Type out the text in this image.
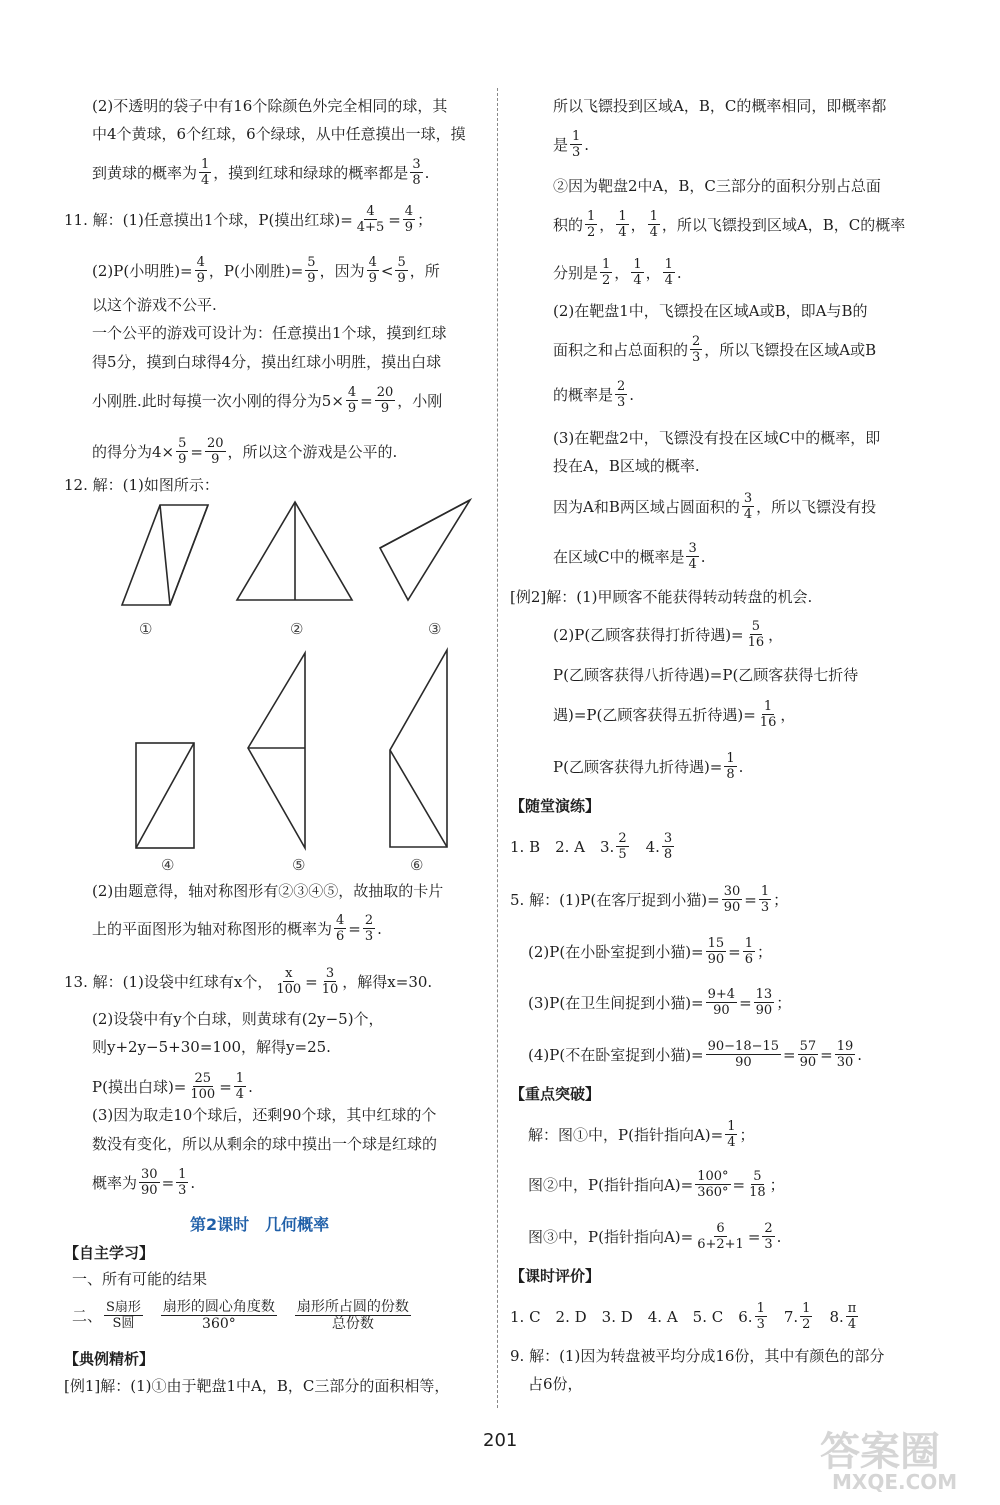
(2)不透明的袋子中有16个除颜色外完全相同的球，其
中4个黄球，6个红球，6个绿球，从中任意摸出一球，摸
到黄球的概率为 $\frac{1}{4}$ ，摸到红球和绿球的概率都是 $\frac{3}{8}$ .
11. 解：(1)任意摸出1个球，P(摸出红球)= $\frac{4}{4+5} = \frac{4}{9}$ ；
(2)P(小明胜)= $\frac{4}{9}$ ，P(小刚胜)= $\frac{5}{9}$ ，因为 $\frac{4}{9} < \frac{5}{9}$ ，所
以这个游戏不公平.
一个公平的游戏可设计为：任意摸出1个球，摸到红球
得5分，摸到白球得4分，摸出红球小明胜，摸出白球
小刚胜.此时每摸一次小刚的得分为$5\times \frac{4}{9} = \frac{20}{9}$ ，小刚
的得分为$4\times \frac{5}{9} = \frac{20}{9}$ ，所以这个游戏是公平的.
12. 解：(1)如图所示：
①	②	③
④	⑤	⑥
(2)由题意得，轴对称图形有②③④⑤，故抽取的卡片
上的平面图形为轴对称图形的概率为 $\frac{4}{6} = \frac{2}{3}$ .
13. 解：(1)设袋中红球有x个， $\frac{x}{100} = \frac{3}{10}$ ，解得x=30.
(2)设袋中有y个白球，则黄球有(2y−5)个，
则y+2y−5+30=100，解得y=25.
P(摸出白球)= $\frac{25}{100} = \frac{1}{4}$ .
(3)因为取走10个球后，还剩90个球，其中红球的个
数没有变化，所以从剩余的球中摸出一个球是红球的
概率为 $\frac{30}{90} = \frac{1}{3}$ .
第2课时　几何概率
【自主学习】
一、所有可能的结果
二、 $\frac{\text{S扇形}}{\text{S圆}} \frac{\text{扇形的圆心角度数}}{360^\circ} \frac{\text{扇形所占圆的份数}}{\text{总份数}}$
【典例精析】
[例1]解：(1)①由于靶盘1中A，B，C三部分的面积相等，
所以飞镖投到区域A，B，C的概率相同，即概率都
是 $\frac{1}{3}$ .
②因为靶盘2中A，B，C三部分的面积分别占总面
积的 $\frac{1}{2}$ ， $\frac{1}{4}$ ， $\frac{1}{4}$ ，所以飞镖投到区域A，B，C的概率
分别是 $\frac{1}{2}$ ， $\frac{1}{4}$ ， $\frac{1}{4}$ .
(2)在靶盘1中，飞镖投在区域A或B，即A与B的
面积之和占总面积的 $\frac{2}{3}$ ，所以飞镖投在区域A或B
的概率是 $\frac{2}{3}$ .
(3)在靶盘2中，飞镖没有投在区域C中的概率，即
投在A，B区域的概率.
因为A和B两区域占圆面积的 $\frac{3}{4}$ ，所以飞镖没有投
在区域C中的概率是 $\frac{3}{4}$ .
[例2]解：(1)甲顾客不能获得转动转盘的机会.
(2)P(乙顾客获得打折待遇)= $\frac{5}{16}$ ，
P(乙顾客获得八折待遇)=P(乙顾客获得七折待
遇)=P(乙顾客获得五折待遇)= $\frac{1}{16}$ ，
P(乙顾客获得九折待遇)= $\frac{1}{8}$ .
【随堂演练】
1. B　2. A　3. $\frac{2}{5}$ 　4. $\frac{3}{8}$
5. 解：(1)P(在客厅捉到小猫)= $\frac{30}{90} = \frac{1}{3}$ ；
(2)P(在小卧室捉到小猫)= $\frac{15}{90} = \frac{1}{6}$ ；
(3)P(在卫生间捉到小猫)= $\frac{9+4}{90} = \frac{13}{90}$ ；
(4)P(不在卧室捉到小猫)= $\frac{90-18-15}{90} = \frac{57}{90} = \frac{19}{30}$ .
【重点突破】
解：图①中，P(指针指向$A)= \frac{1}{4}$ ；
图②中，P(指针指向$A)= \frac{100^\circ}{360^\circ} = \frac{5}{18}$ ；
图③中，P(指针指向$A)= \frac{6}{6+2+1} = \frac{2}{3}$ .
【课时评价】
1. C　2. D　3. D　4. A　5. C　6. $\frac{1}{3}$ 　7. $\frac{1}{2}$ 　8. $\frac{\pi}{4}$
9. 解：(1)因为转盘被平均分成16份，其中有颜色的部分
占6份，
201	答案圈
MXQE.COM
